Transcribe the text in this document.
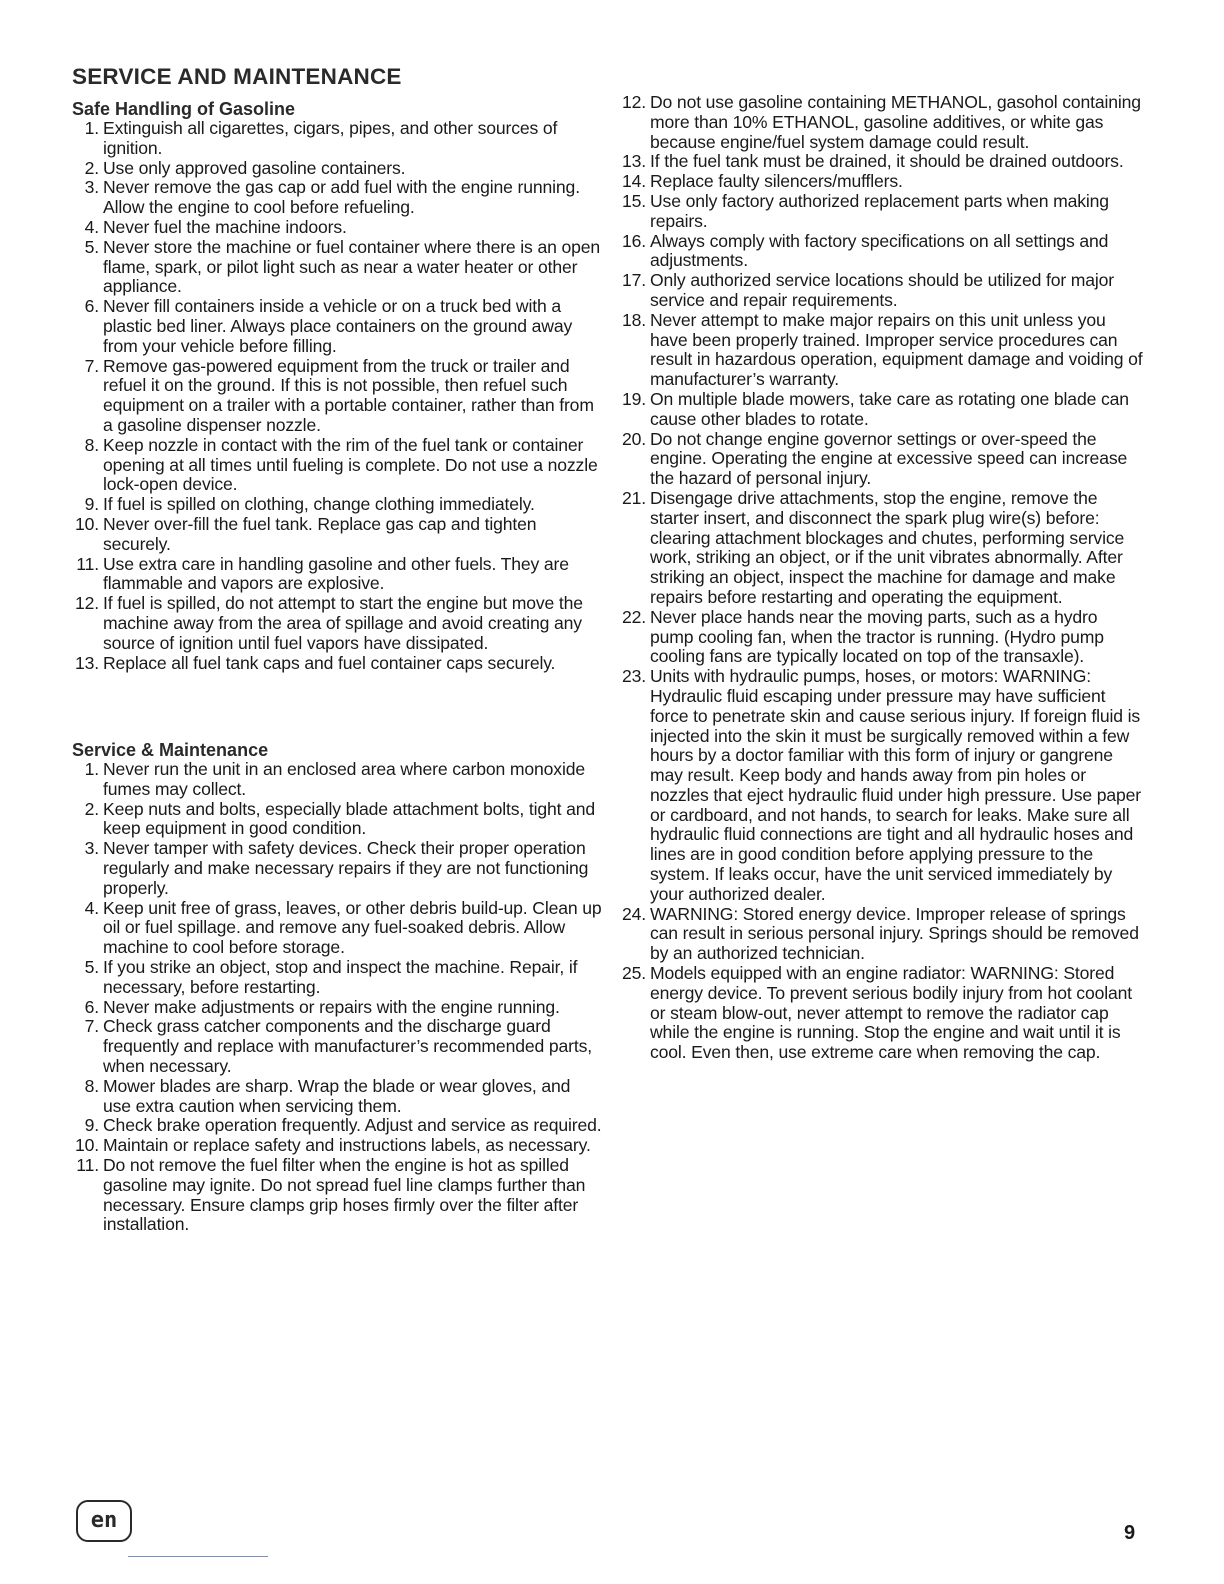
SERVICE AND MAINTENANCE
Safe Handling of Gasoline
1. Extinguish all cigarettes, cigars, pipes, and other sources of ignition.
2. Use only approved gasoline containers.
3. Never remove the gas cap or add fuel with the engine running. Allow the engine to cool before refueling.
4. Never fuel the machine indoors.
5. Never store the machine or fuel container where there is an open flame, spark, or pilot light such as near a water heater or other appliance.
6. Never fill containers inside a vehicle or on a truck bed with a plastic bed liner. Always place containers on the ground away from your vehicle before filling.
7. Remove gas-powered equipment from the truck or trailer and refuel it on the ground. If this is not possible, then refuel such equipment on a trailer with a portable container, rather than from a gasoline dispenser nozzle.
8. Keep nozzle in contact with the rim of the fuel tank or container opening at all times until fueling is complete. Do not use a nozzle lock-open device.
9. If fuel is spilled on clothing, change clothing immediately.
10. Never over-fill the fuel tank. Replace gas cap and tighten securely.
11. Use extra care in handling gasoline and other fuels. They are flammable and vapors are explosive.
12. If fuel is spilled, do not attempt to start the engine but move the machine away from the area of spillage and avoid creating any source of ignition until fuel vapors have dissipated.
13. Replace all fuel tank caps and fuel container caps securely.
Service & Maintenance
1. Never run the unit in an enclosed area where carbon monoxide fumes may collect.
2. Keep nuts and bolts, especially blade attachment bolts, tight and keep equipment in good condition.
3. Never tamper with safety devices. Check their proper operation regularly and make necessary repairs if they are not functioning properly.
4. Keep unit free of grass, leaves, or other debris build-up. Clean up oil or fuel spillage. and remove any fuel-soaked debris. Allow machine to cool before storage.
5. If you strike an object, stop and inspect the machine. Repair, if necessary, before restarting.
6. Never make adjustments or repairs with the engine running.
7. Check grass catcher components and the discharge guard frequently and replace with manufacturer’s recommended parts, when necessary.
8. Mower blades are sharp. Wrap the blade or wear gloves, and use extra caution when servicing them.
9. Check brake operation frequently. Adjust and service as required.
10. Maintain or replace safety and instructions labels, as necessary.
11. Do not remove the fuel filter when the engine is hot as spilled gasoline may ignite. Do not spread fuel line clamps further than necessary. Ensure clamps grip hoses firmly over the filter after installation.
12. Do not use gasoline containing METHANOL, gasohol containing more than 10% ETHANOL, gasoline additives, or white gas because engine/fuel system damage could result.
13. If the fuel tank must be drained, it should be drained outdoors.
14. Replace faulty silencers/mufflers.
15. Use only factory authorized replacement parts when making repairs.
16. Always comply with factory specifications on all settings and adjustments.
17. Only authorized service locations should be utilized for major service and repair requirements.
18. Never attempt to make major repairs on this unit unless you have been properly trained. Improper service procedures can result in hazardous operation, equipment damage and voiding of manufacturer’s warranty.
19. On multiple blade mowers, take care as rotating one blade can cause other blades to rotate.
20. Do not change engine governor settings or over-speed the engine. Operating the engine at excessive speed can increase the hazard of personal injury.
21. Disengage drive attachments, stop the engine, remove the starter insert, and disconnect the spark plug wire(s) before: clearing attachment blockages and chutes, performing service work, striking an object, or if the unit vibrates abnormally. After striking an object, inspect the machine for damage and make repairs before restarting and operating the equipment.
22. Never place hands near the moving parts, such as a hydro pump cooling fan, when the tractor is running. (Hydro pump cooling fans are typically located on top of the transaxle).
23. Units with hydraulic pumps, hoses, or motors: WARNING: Hydraulic fluid escaping under pressure may have sufficient force to penetrate skin and cause serious injury. If foreign fluid is injected into the skin it must be surgically removed within a few hours by a doctor familiar with this form of injury or gangrene may result. Keep body and hands away from pin holes or nozzles that eject hydraulic fluid under high pressure. Use paper or cardboard, and not hands, to search for leaks. Make sure all hydraulic fluid connections are tight and all hydraulic hoses and lines are in good condition before applying pressure to the system. If leaks occur, have the unit serviced immediately by your authorized dealer.
24. WARNING: Stored energy device. Improper release of springs can result in serious personal injury. Springs should be removed by an authorized technician.
25. Models equipped with an engine radiator: WARNING: Stored energy device. To prevent serious bodily injury from hot coolant or steam blow-out, never attempt to remove the radiator cap while the engine is running. Stop the engine and wait until it is cool. Even then, use extreme care when removing the cap.
en	9
